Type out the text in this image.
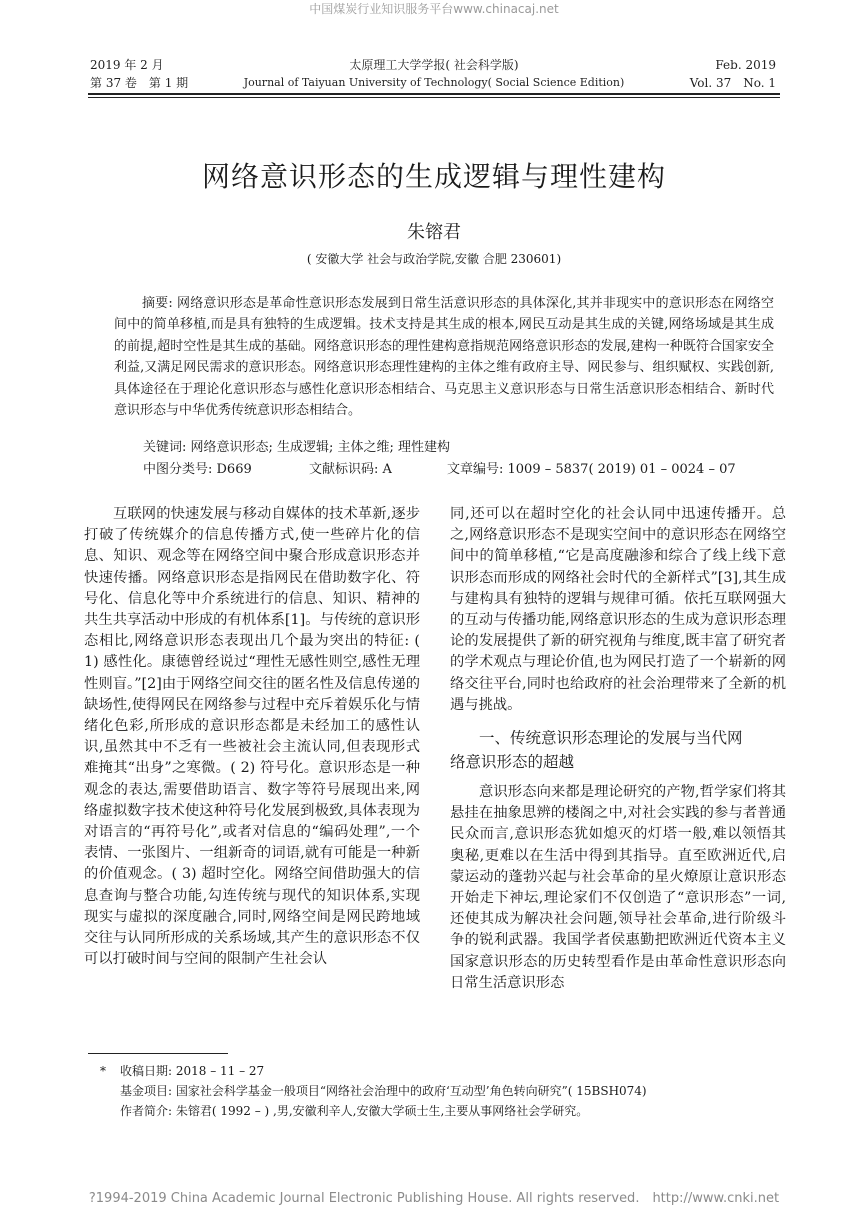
中国煤炭行业知识服务平台www.chinacaj.net
2019 年 2 月
第 37 卷　第 1 期
太原理工大学学报( 社会科学版)
Journal of Taiyuan University of Technology( Social Science Edition)
Feb. 2019
Vol. 37　No. 1
网络意识形态的生成逻辑与理性建构
朱镕君
( 安徽大学 社会与政治学院,安徽 合肥 230601)
摘要: 网络意识形态是革命性意识形态发展到日常生活意识形态的具体深化,其并非现实中的意识形态在网络空间中的简单移植,而是具有独特的生成逻辑。技术支持是其生成的根本,网民互动是其生成的关键,网络场域是其生成的前提,超时空性是其生成的基础。网络意识形态的理性建构意指规范网络意识形态的发展,建构一种既符合国家安全利益,又满足网民需求的意识形态。网络意识形态理性建构的主体之维有政府主导、网民参与、组织赋权、实践创新,具体途径在于理论化意识形态与感性化意识形态相结合、马克思主义意识形态与日常生活意识形态相结合、新时代意识形态与中华优秀传统意识形态相结合。
关键词: 网络意识形态; 生成逻辑; 主体之维; 理性建构
中图分类号: D669	文献标识码: A	文章编号: 1009 – 5837( 2019) 01 – 0024 – 07

互联网的快速发展与移动自媒体的技术革新,逐步打破了传统媒介的信息传播方式,使一些碎片化的信息、知识、观念等在网络空间中聚合形成意识形态并快速传播。网络意识形态是指网民在借助数字化、符号化、信息化等中介系统进行的信息、知识、精神的共生共享活动中形成的有机体系[1]。与传统的意识形态相比,网络意识形态表现出几个最为突出的特征: ( 1) 感性化。康德曾经说过“理性无感性则空,感性无理性则盲。”[2]由于网络空间交往的匿名性及信息传递的缺场性,使得网民在网络参与过程中充斥着娱乐化与情绪化色彩,所形成的意识形态都是未经加工的感性认识,虽然其中不乏有一些被社会主流认同,但表现形式难掩其“出身”之寒微。( 2) 符号化。意识形态是一种观念的表达,需要借助语言、数字等符号展现出来,网络虚拟数字技术使这种符号化发展到极致,具体表现为对语言的“再符号化”,或者对信息的“编码处理”,一个表情、一张图片、一组新奇的词语,就有可能是一种新的价值观念。( 3) 超时空化。网络空间借助强大的信息查询与整合功能,勾连传统与现代的知识体系,实现现实与虚拟的深度融合,同时,网络空间是网民跨地域交往与认同所形成的关系场域,其产生的意识形态不仅可以打破时间与空间的限制产生社会认

同,还可以在超时空化的社会认同中迅速传播开。总之,网络意识形态不是现实空间中的意识形态在网络空间中的简单移植,“它是高度融渗和综合了线上线下意识形态而形成的网络社会时代的全新样式”[3],其生成与建构具有独特的逻辑与规律可循。依托互联网强大的互动与传播功能,网络意识形态的生成为意识形态理论的发展提供了新的研究视角与维度,既丰富了研究者的学术观点与理论价值,也为网民打造了一个崭新的网络交往平台,同时也给政府的社会治理带来了全新的机遇与挑战。

一、传统意识形态理论的发展与当代网
络意识形态的超越

意识形态向来都是理论研究的产物,哲学家们将其悬挂在抽象思辨的楼阁之中,对社会实践的参与者普通民众而言,意识形态犹如熄灭的灯塔一般,难以领悟其奥秘,更难以在生活中得到其指导。直至欧洲近代,启蒙运动的蓬勃兴起与社会革命的星火燎原让意识形态开始走下神坛,理论家们不仅创造了“意识形态”一词,还使其成为解决社会问题,领导社会革命,进行阶级斗争的锐利武器。我国学者侯惠勤把欧洲近代资本主义国家意识形态的历史转型看作是由革命性意识形态向日常生活意识形态

* 收稿日期: 2018 – 11 – 27
基金项目: 国家社会科学基金一般项目“网络社会治理中的政府‘互动型’角色转向研究”( 15BSH074)
作者简介: 朱镕君( 1992 – ) ,男,安徽利辛人,安徽大学硕士生,主要从事网络社会学研究。
?1994-2019 China Academic Journal Electronic Publishing House. All rights reserved.　http://www.cnki.net
